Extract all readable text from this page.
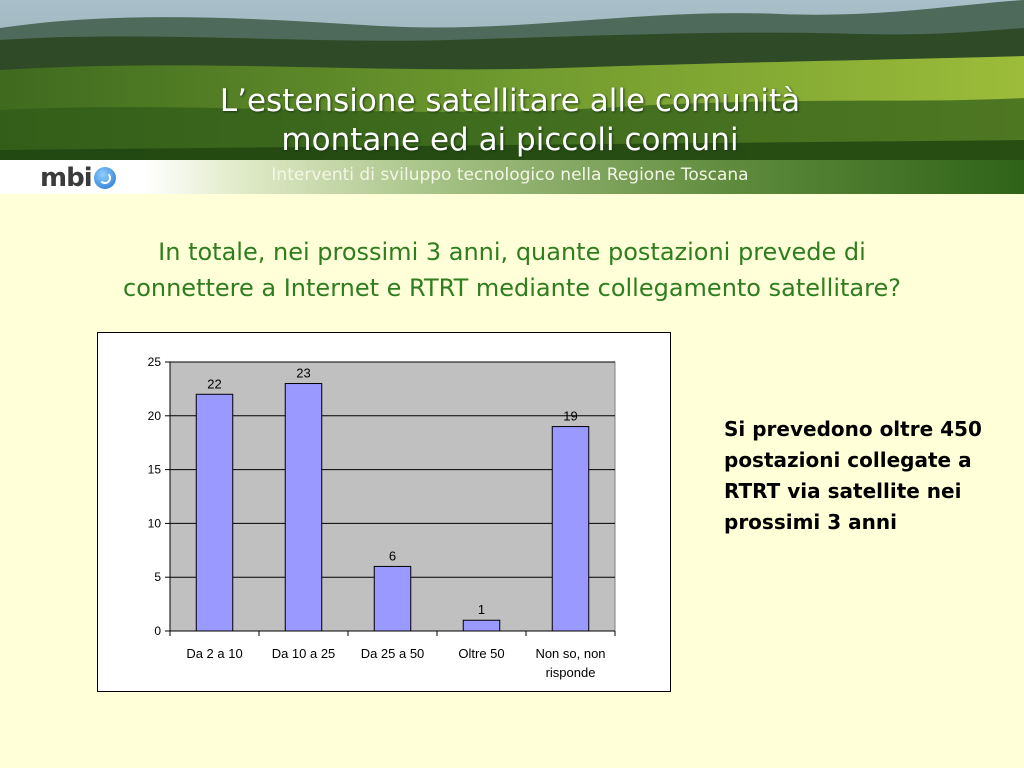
mbi
L’estensione satellitare alle comunità
montane ed ai piccoli comuni
Interventi di sviluppo tecnologico nella Regione Toscana
In totale, nei prossimi 3 anni, quante postazioni prevede di
connettere a Internet e RTRT mediante collegamento satellitare?
0
5
10
15
20
25
22
Da 2 a 10
23
Da 10 a 25
6
Da 25 a 50
1
Oltre 50
19
Non so, non
risponde
Si prevedono oltre 450 postazioni collegate a RTRT via satellite nei prossimi 3 anni
